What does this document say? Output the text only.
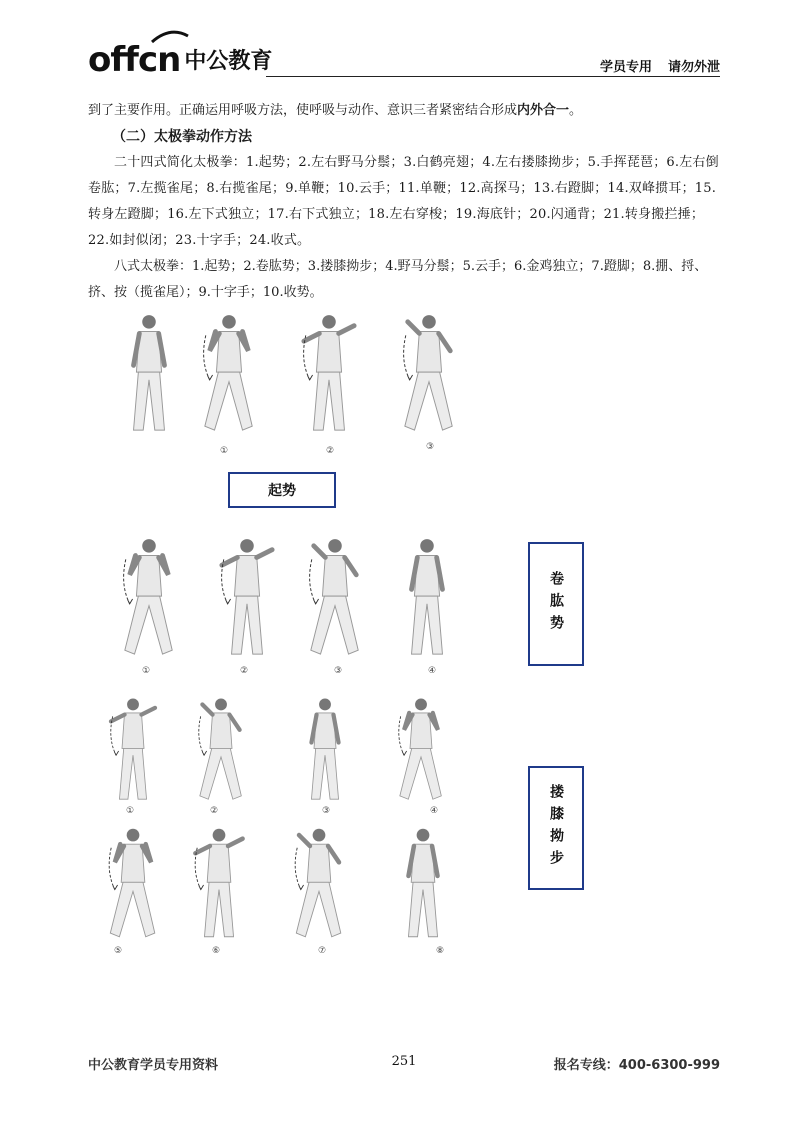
offcn 中公教育	学员专用 请勿外泄
到了主要作用。正确运用呼吸方法，使呼吸与动作、意识三者紧密结合形成内外合一。
（二）太极拳动作方法
二十四式简化太极拳：1.起势；2.左右野马分鬃；3.白鹤亮翅；4.左右搂膝拗步；5.手挥琵琶；6.左右倒卷肱；7.左揽雀尾；8.右揽雀尾；9.单鞭；10.云手；11.单鞭；12.高探马；13.右蹬脚；14.双峰掼耳；15.转身左蹬脚；16.左下式独立；17.右下式独立；18.左右穿梭；19.海底针；20.闪通背；21.转身搬拦捶；22.如封似闭；23.十字手；24.收式。
八式太极拳：1.起势；2.卷肱势；3.搂膝拗步；4.野马分鬃；5.云手；6.金鸡独立；7.蹬脚；8.掤、捋、挤、按（揽雀尾）；9.十字手；10.收势。
①	②	③
①	②	③	④
①	②	③	④
⑤	⑥	⑦	⑧
起势
卷肱势
搂膝拗步
中公教育学员专用资料	251	报名专线：400-6300-999
